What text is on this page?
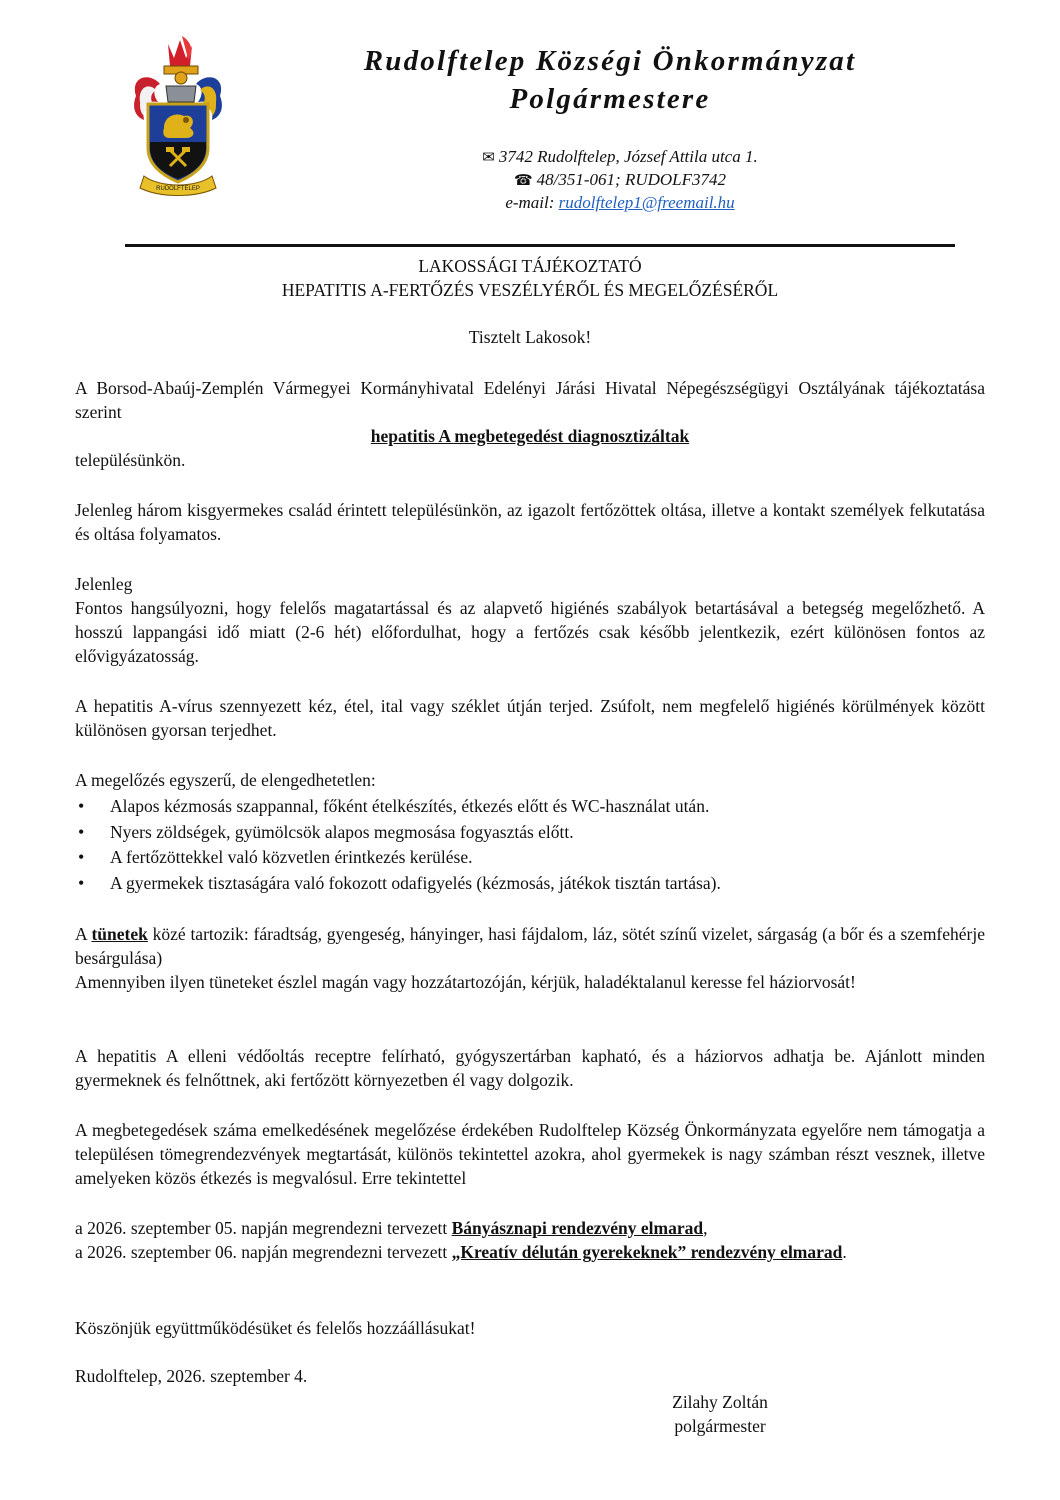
RUDOLFTELEP
Rudolftelep Községi Önkormányzat
Polgármestere
✉ 3742 Rudolftelep, József Attila utca 1.
☎ 48/351-061; RUDOLF3742
e-mail: rudolftelep1@freemail.hu
LAKOSSÁGI TÁJÉKOZTATÓ
HEPATITIS A-FERTŐZÉS VESZÉLYÉRŐL ÉS MEGELŐZÉSÉRŐL
Tisztelt Lakosok!
A Borsod-Abaúj-Zemplén Vármegyei Kormányhivatal Edelényi Járási Hivatal Népegészségügyi Osztályának tájékoztatása szerint
hepatitis A megbetegedést diagnosztizáltak
településünkön.
Jelenleg három kisgyermekes család érintett településünkön, az igazolt fertőzöttek oltása, illetve a kontakt személyek felkutatása és oltása folyamatos.
Jelenleg
Fontos hangsúlyozni, hogy felelős magatartással és az alapvető higiénés szabályok betartásával a betegség megelőzhető. A hosszú lappangási idő miatt (2-6 hét) előfordulhat, hogy a fertőzés csak később jelentkezik, ezért különösen fontos az elővigyázatosság.
A hepatitis A-vírus szennyezett kéz, étel, ital vagy széklet útján terjed. Zsúfolt, nem megfelelő higiénés körülmények között különösen gyorsan terjedhet.
A megelőzés egyszerű, de elengedhetetlen:
• Alapos kézmosás szappannal, főként ételkészítés, étkezés előtt és WC-használat után.
• Nyers zöldségek, gyümölcsök alapos megmosása fogyasztás előtt.
• A fertőzöttekkel való közvetlen érintkezés kerülése.
• A gyermekek tisztaságára való fokozott odafigyelés (kézmosás, játékok tisztán tartása).
A tünetek közé tartozik: fáradtság, gyengeség, hányinger, hasi fájdalom, láz, sötét színű vizelet, sárgaság (a bőr és a szemfehérje besárgulása)
Amennyiben ilyen tüneteket észlel magán vagy hozzátartozóján, kérjük, haladéktalanul keresse fel háziorvosát!
A hepatitis A elleni védőoltás receptre felírható, gyógyszertárban kapható, és a háziorvos adhatja be. Ajánlott minden gyermeknek és felnőttnek, aki fertőzött környezetben él vagy dolgozik.
A megbetegedések száma emelkedésének megelőzése érdekében Rudolftelep Község Önkormányzata egyelőre nem támogatja a településen tömegrendezvények megtartását, különös tekintettel azokra, ahol gyermekek is nagy számban részt vesznek, illetve amelyeken közös étkezés is megvalósul. Erre tekintettel
a 2026. szeptember 05. napján megrendezni tervezett Bányásznapi rendezvény elmarad,
a 2026. szeptember 06. napján megrendezni tervezett „Kreatív délután gyerekeknek” rendezvény elmarad.
Köszönjük együttműködésüket és felelős hozzáállásukat!
Rudolftelep, 2026. szeptember 4.
Zilahy Zoltán
polgármester
